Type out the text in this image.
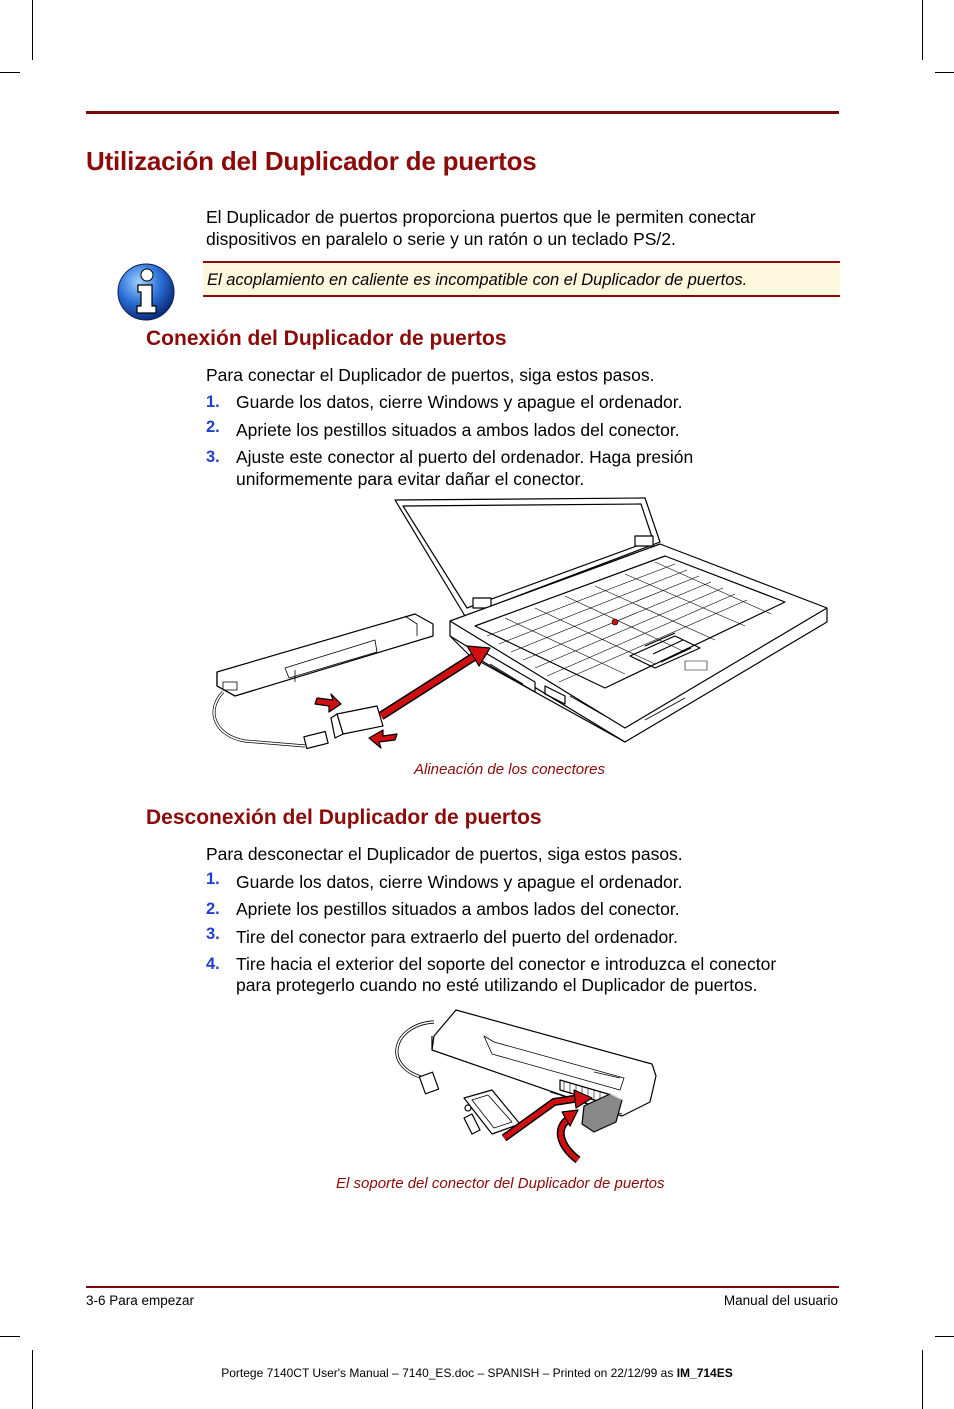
Utilización del Duplicador de puertos
El Duplicador de puertos proporciona puertos que le permiten conectar
dispositivos en paralelo o serie y un ratón o un teclado PS/2.
El acoplamiento en caliente es incompatible con el Duplicador de puertos.
Conexión del Duplicador de puertos
Para conectar el Duplicador de puertos, siga estos pasos.
1. Guarde los datos, cierre Windows y apague el ordenador.
2. Apriete los pestillos situados a ambos lados del conector.
3. Ajuste este conector al puerto del ordenador. Haga presión
uniformemente para evitar dañar el conector.
Alineación de los conectores
Desconexión del Duplicador de puertos
Para desconectar el Duplicador de puertos, siga estos pasos.
1. Guarde los datos, cierre Windows y apague el ordenador.
2. Apriete los pestillos situados a ambos lados del conector.
3. Tire del conector para extraerlo del puerto del ordenador.
4. Tire hacia el exterior del soporte del conector e introduzca el conector
para protegerlo cuando no esté utilizando el Duplicador de puertos.
El soporte del conector del Duplicador de puertos
3-6 Para empezar	Manual del usuario
Portege 7140CT User's Manual – 7140_ES.doc – SPANISH – Printed on 22/12/99 as IM_714ES
